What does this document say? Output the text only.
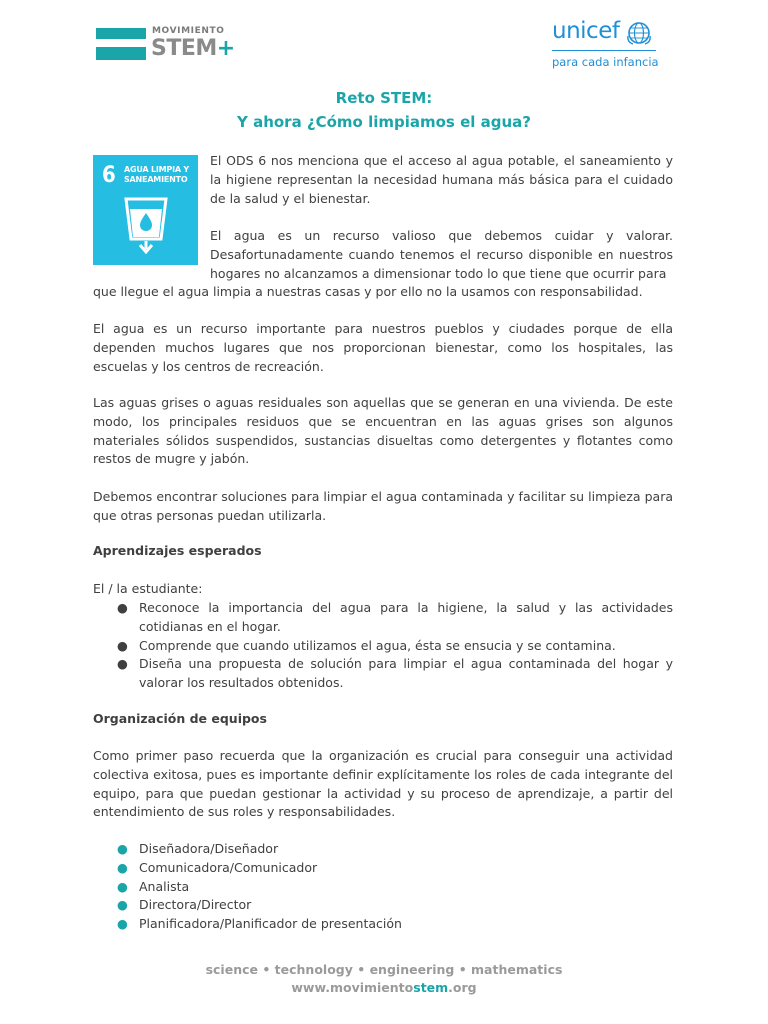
MOVIMIENTO
STEM+
unicef
para cada infancia
Reto STEM:
Y ahora ¿Cómo limpiamos el agua?
6 AGUA LIMPIA Y SANEAMIENTO
El ODS 6 nos menciona que el acceso al agua potable, el saneamiento y la higiene representan la necesidad humana más básica para el cuidado de la salud y el bienestar.
El agua es un recurso valioso que debemos cuidar y valorar. Desafortunadamente cuando tenemos el recurso disponible en nuestros hogares no alcanzamos a dimensionar todo lo que tiene que ocurrir para
que llegue el agua limpia a nuestras casas y por ello no la usamos con responsabilidad.
El agua es un recurso importante para nuestros pueblos y ciudades porque de ella dependen muchos lugares que nos proporcionan bienestar, como los hospitales, las escuelas y los centros de recreación.
Las aguas grises o aguas residuales son aquellas que se generan en una vivienda. De este modo, los principales residuos que se encuentran en las aguas grises son algunos materiales sólidos suspendidos, sustancias disueltas como detergentes y flotantes como restos de mugre y jabón.
Debemos encontrar soluciones para limpiar el agua contaminada y facilitar su limpieza para que otras personas puedan utilizarla.
Aprendizajes esperados
El / la estudiante:
● Reconoce la importancia del agua para la higiene, la salud y las actividades cotidianas en el hogar.
● Comprende que cuando utilizamos el agua, ésta se ensucia y se contamina.
● Diseña una propuesta de solución para limpiar el agua contaminada del hogar y valorar los resultados obtenidos.
Organización de equipos
Como primer paso recuerda que la organización es crucial para conseguir una actividad colectiva exitosa, pues es importante definir explícitamente los roles de cada integrante del equipo, para que puedan gestionar la actividad y su proceso de aprendizaje, a partir del entendimiento de sus roles y responsabilidades.
● Diseñadora/Diseñador
● Comunicadora/Comunicador
● Analista
● Directora/Director
● Planificadora/Planificador de presentación
science • technology • engineering • mathematics
www.movimientostem.org
